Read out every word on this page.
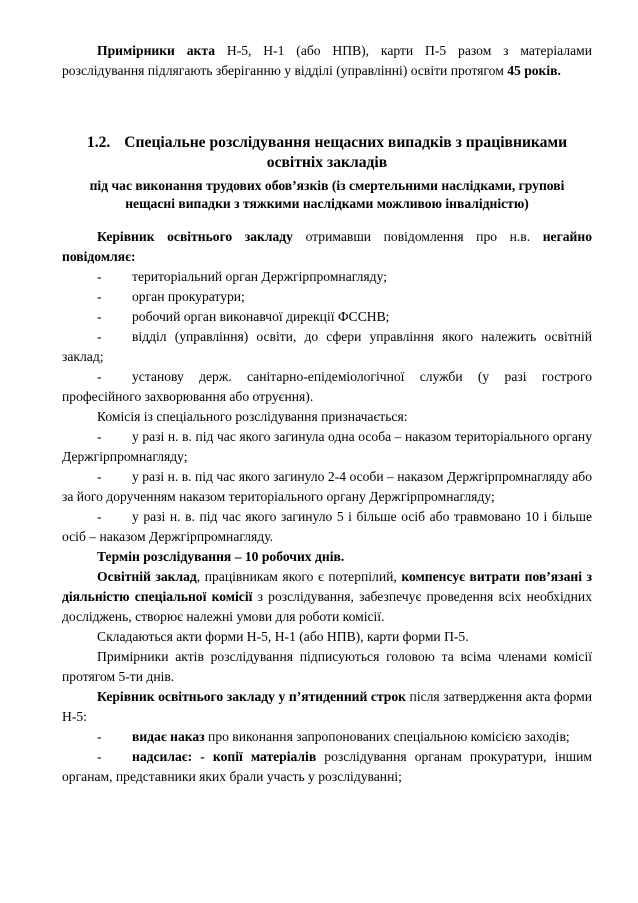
Примірники акта Н-5, Н-1 (або НПВ), карти П-5 разом з матеріалами розслідування підлягають зберіганню у відділі (управлінні) освіти протягом 45 років.

1.2. Спеціальне розслідування нещасних випадків з працівниками освітніх закладів
під час виконання трудових обов’язків (із смертельними наслідками, групові нещасні випадки з тяжкими наслідками можливою інвалідністю)

Керівник освітнього закладу отримавши повідомлення про н.в. негайно повідомляє:

- територіальний орган Держгірпромнагляду;

- орган прокуратури;

- робочий орган виконавчої дирекції ФССНВ;

- відділ (управління) освіти, до сфери управління якого належить освітній заклад;

- установу держ. санітарно-епідеміологічної служби (у разі гострого професійного захворювання або отруєння).

Комісія із спеціального розслідування призначається:

- у разі н. в. під час якого загинула одна особа – наказом територіального органу Держгірпромнагляду;

- у разі н. в. під час якого загинуло 2-4 особи – наказом Держгірпромнагляду або за його дорученням наказом територіального органу Держгірпромнагляду;

- у разі н. в. під час якого загинуло 5 і більше осіб або травмовано 10 і більше осіб – наказом Держгірпромнагляду.

Термін розслідування – 10 робочих днів.

Освітній заклад, працівникам якого є потерпілий, компенсує витрати пов’язані з діяльністю спеціальної комісії з розслідування, забезпечує проведення всіх необхідних досліджень, створює належні умови для роботи комісії.

Складаються акти форми Н-5, Н-1 (або НПВ), карти форми П-5.

Примірники актів розслідування підписуються головою та всіма членами комісії протягом 5-ти днів.

Керівник освітнього закладу у п’ятиденний строк після затвердження акта форми Н-5:

- видає наказ про виконання запропонованих спеціальною комісією заходів;

- надсилає: - копії матеріалів розслідування органам прокуратури, іншим органам, представники яких брали участь у розслідуванні;
